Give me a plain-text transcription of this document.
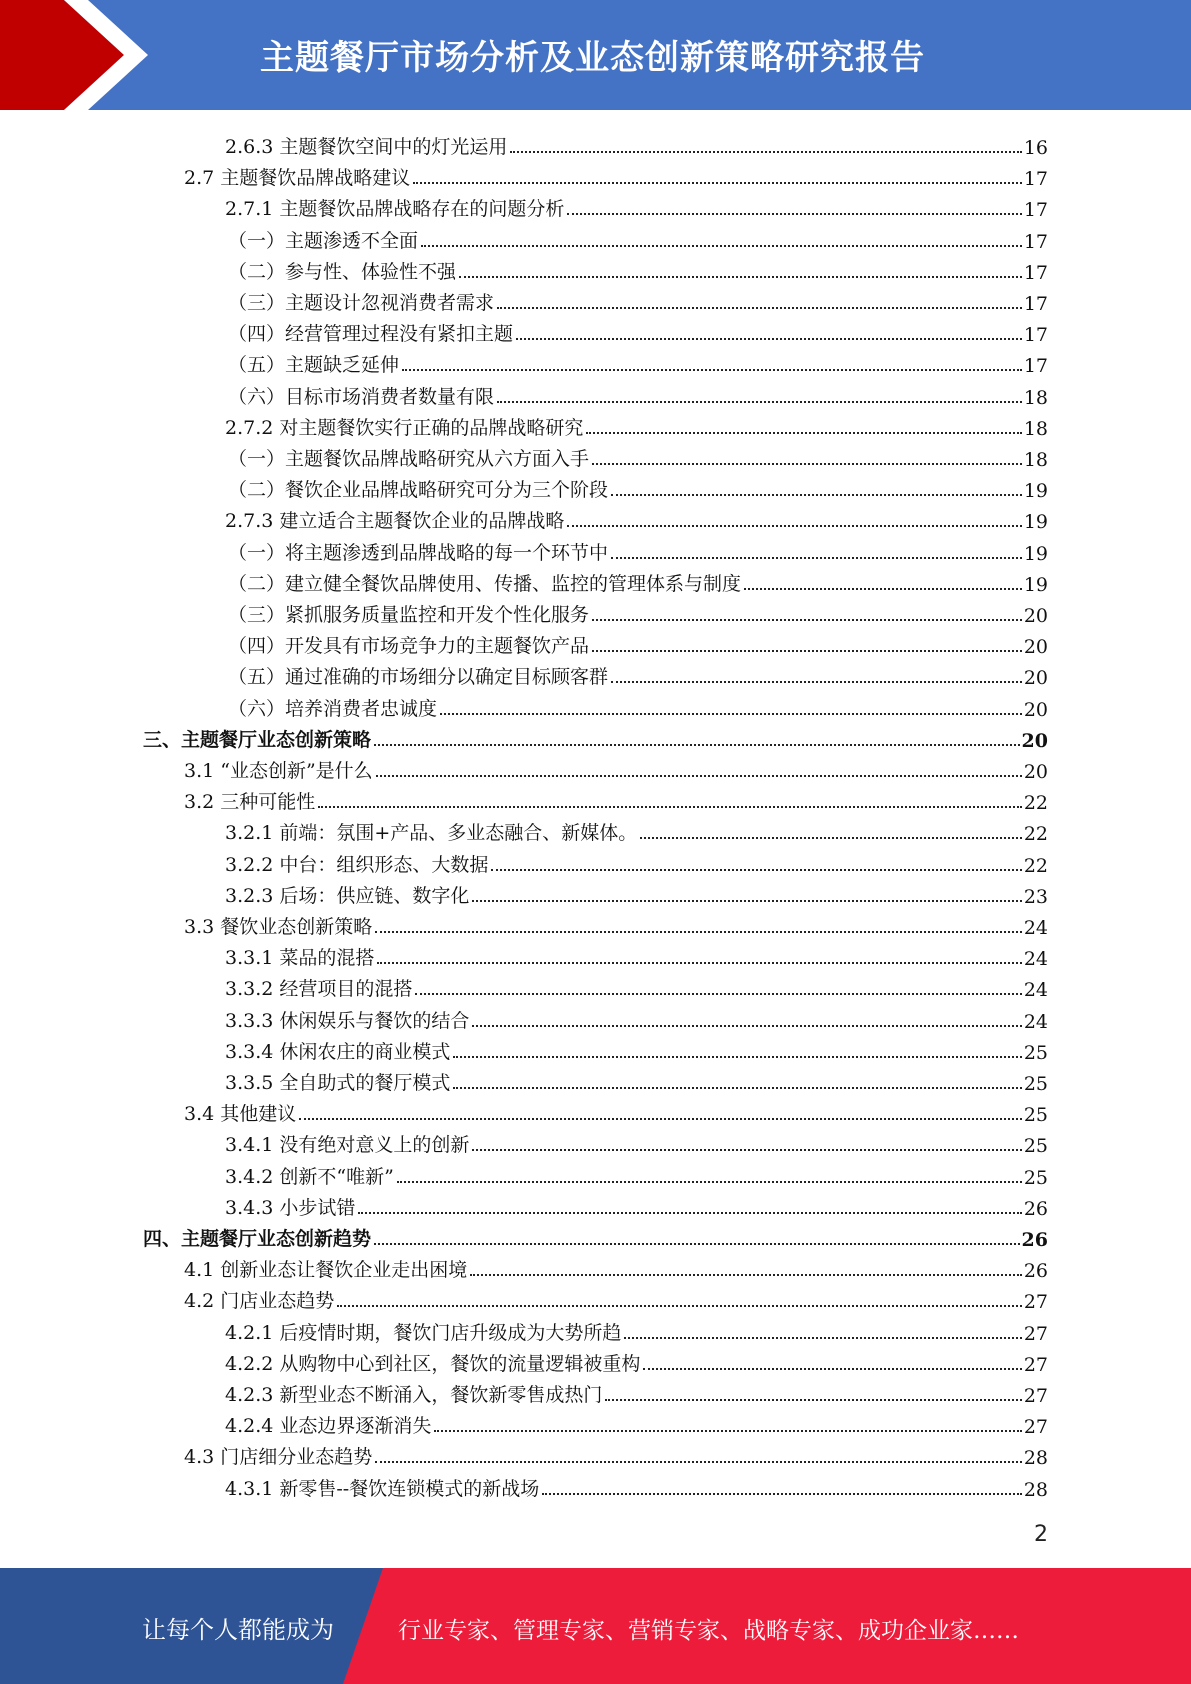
主题餐厅市场分析及业态创新策略研究报告
2.6.3 主题餐饮空间中的灯光运用	16
2.7 主题餐饮品牌战略建议	17
2.7.1 主题餐饮品牌战略存在的问题分析	17
（一）主题渗透不全面	17
（二）参与性、体验性不强	17
（三）主题设计忽视消费者需求	17
（四）经营管理过程没有紧扣主题	17
（五）主题缺乏延伸	17
（六）目标市场消费者数量有限	18
2.7.2 对主题餐饮实行正确的品牌战略研究	18
（一）主题餐饮品牌战略研究从六方面入手	18
（二）餐饮企业品牌战略研究可分为三个阶段	19
2.7.3 建立适合主题餐饮企业的品牌战略	19
（一）将主题渗透到品牌战略的每一个环节中	19
（二）建立健全餐饮品牌使用、传播、监控的管理体系与制度	19
（三）紧抓服务质量监控和开发个性化服务	20
（四）开发具有市场竞争力的主题餐饮产品	20
（五）通过准确的市场细分以确定目标顾客群	20
（六）培养消费者忠诚度	20
三、主题餐厅业态创新策略	20
3.1 “业态创新”是什么	20
3.2 三种可能性	22
3.2.1 前端：氛围+产品、多业态融合、新媒体。	22
3.2.2 中台：组织形态、大数据	22
3.2.3 后场：供应链、数字化	23
3.3 餐饮业态创新策略	24
3.3.1 菜品的混搭	24
3.3.2 经营项目的混搭	24
3.3.3 休闲娱乐与餐饮的结合	24
3.3.4 休闲农庄的商业模式	25
3.3.5 全自助式的餐厅模式	25
3.4 其他建议	25
3.4.1 没有绝对意义上的创新	25
3.4.2 创新不“唯新”	25
3.4.3 小步试错	26
四、主题餐厅业态创新趋势	26
4.1 创新业态让餐饮企业走出困境	26
4.2 门店业态趋势	27
4.2.1 后疫情时期，餐饮门店升级成为大势所趋	27
4.2.2 从购物中心到社区，餐饮的流量逻辑被重构	27
4.2.3 新型业态不断涌入，餐饮新零售成热门	27
4.2.4 业态边界逐渐消失	27
4.3 门店细分业态趋势	28
4.3.1 新零售--餐饮连锁模式的新战场	28
2
让每个人都能成为	行业专家、管理专家、营销专家、战略专家、成功企业家……
